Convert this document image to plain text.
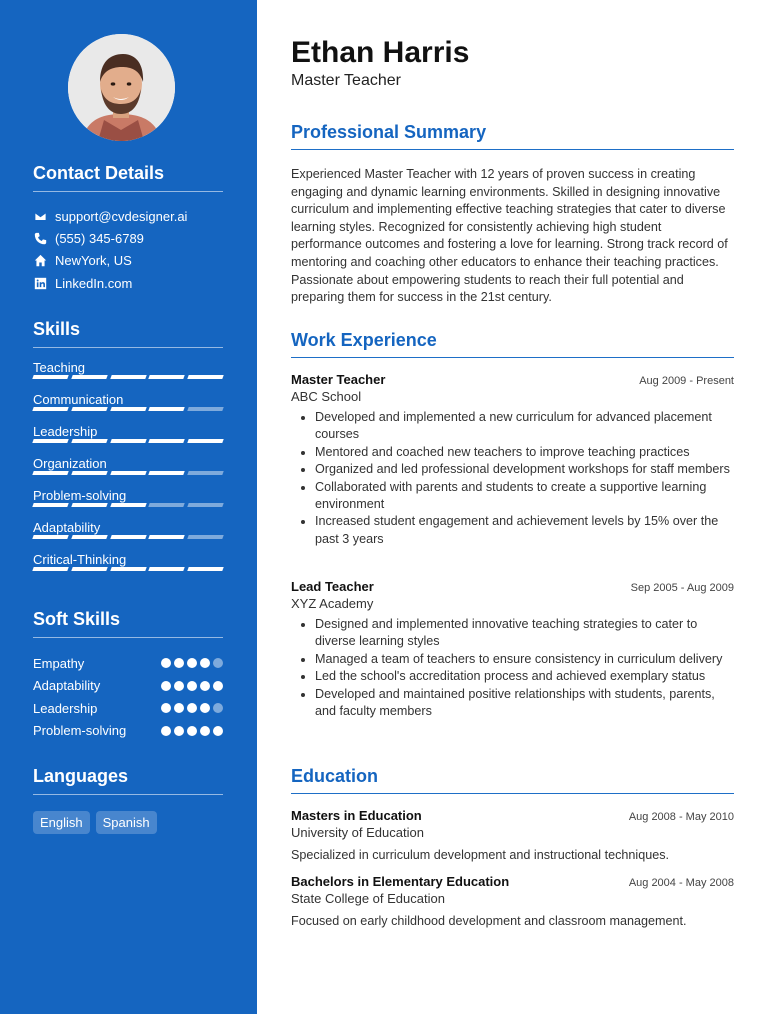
Contact Details
support@cvdesigner.ai
(555) 345-6789
NewYork, US
LinkedIn.com
Skills
Teaching
Communication
Leadership
Organization
Problem-solving
Adaptability
Critical-Thinking
Soft Skills
Empathy
Adaptability
Leadership
Problem-solving
Languages
English	Spanish
Ethan Harris
Master Teacher
Professional Summary
Experienced Master Teacher with 12 years of proven success in creating engaging and dynamic learning environments. Skilled in designing innovative curriculum and implementing effective teaching strategies that cater to diverse learning styles. Recognized for consistently achieving high student performance outcomes and fostering a love for learning. Strong track record of mentoring and coaching other educators to enhance their teaching practices. Passionate about empowering students to reach their full potential and preparing them for success in the 21st century.
Work Experience
Master Teacher	Aug 2009 - Present
ABC School
• Developed and implemented a new curriculum for advanced placement courses
• Mentored and coached new teachers to improve teaching practices
• Organized and led professional development workshops for staff members
• Collaborated with parents and students to create a supportive learning environment
• Increased student engagement and achievement levels by 15% over the past 3 years
Lead Teacher	Sep 2005 - Aug 2009
XYZ Academy
• Designed and implemented innovative teaching strategies to cater to diverse learning styles
• Managed a team of teachers to ensure consistency in curriculum delivery
• Led the school's accreditation process and achieved exemplary status
• Developed and maintained positive relationships with students, parents, and faculty members
Education
Masters in Education	Aug 2008 - May 2010
University of Education
Specialized in curriculum development and instructional techniques.
Bachelors in Elementary Education	Aug 2004 - May 2008
State College of Education
Focused on early childhood development and classroom management.
